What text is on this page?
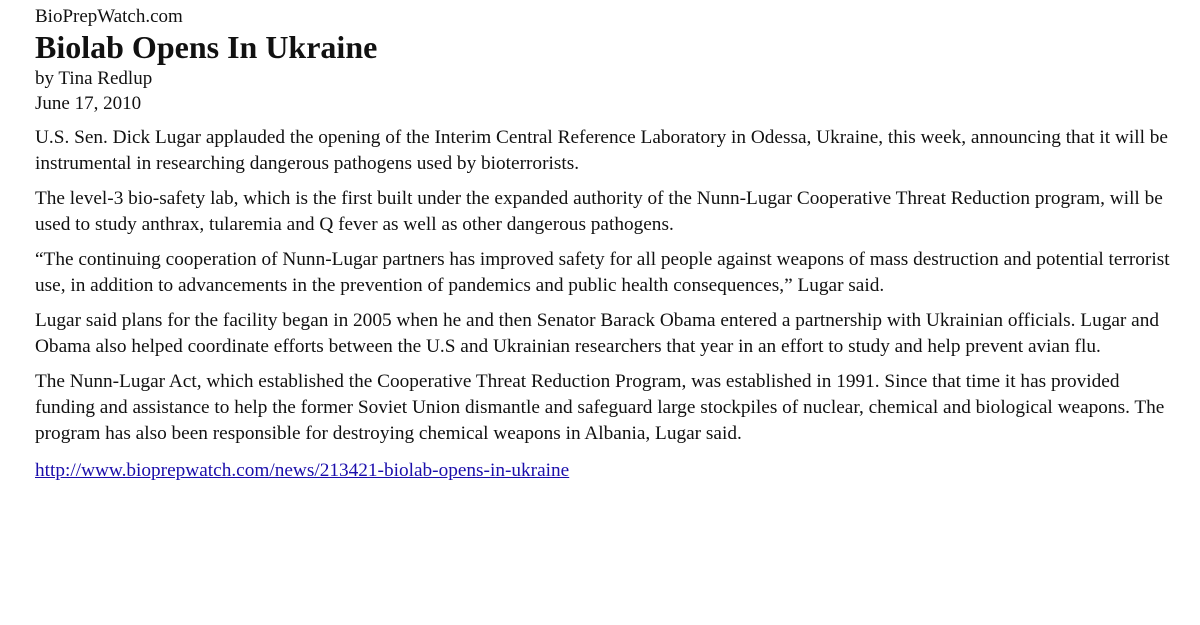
BioPrepWatch.com

Biolab Opens In Ukraine

by Tina Redlup

June 17, 2010

U.S. Sen. Dick Lugar applauded the opening of the Interim Central Reference Laboratory in Odessa, Ukraine, this week, announcing that it will be instrumental in researching dangerous pathogens used by bioterrorists.

The level-3 bio-safety lab, which is the first built under the expanded authority of the Nunn-Lugar Cooperative Threat Reduction program, will be used to study anthrax, tularemia and Q fever as well as other dangerous pathogens.

“The continuing cooperation of Nunn-Lugar partners has improved safety for all people against weapons of mass destruction and potential terrorist use, in addition to advancements in the prevention of pandemics and public health consequences,” Lugar said.

Lugar said plans for the facility began in 2005 when he and then Senator Barack Obama entered a partnership with Ukrainian officials. Lugar and Obama also helped coordinate efforts between the U.S and Ukrainian researchers that year in an effort to study and help prevent avian flu.

The Nunn-Lugar Act, which established the Cooperative Threat Reduction Program, was established in 1991. Since that time it has provided funding and assistance to help the former Soviet Union dismantle and safeguard large stockpiles of nuclear, chemical and biological weapons. The program has also been responsible for destroying chemical weapons in Albania, Lugar said.

http://www.bioprepwatch.com/news/213421-biolab-opens-in-ukraine
